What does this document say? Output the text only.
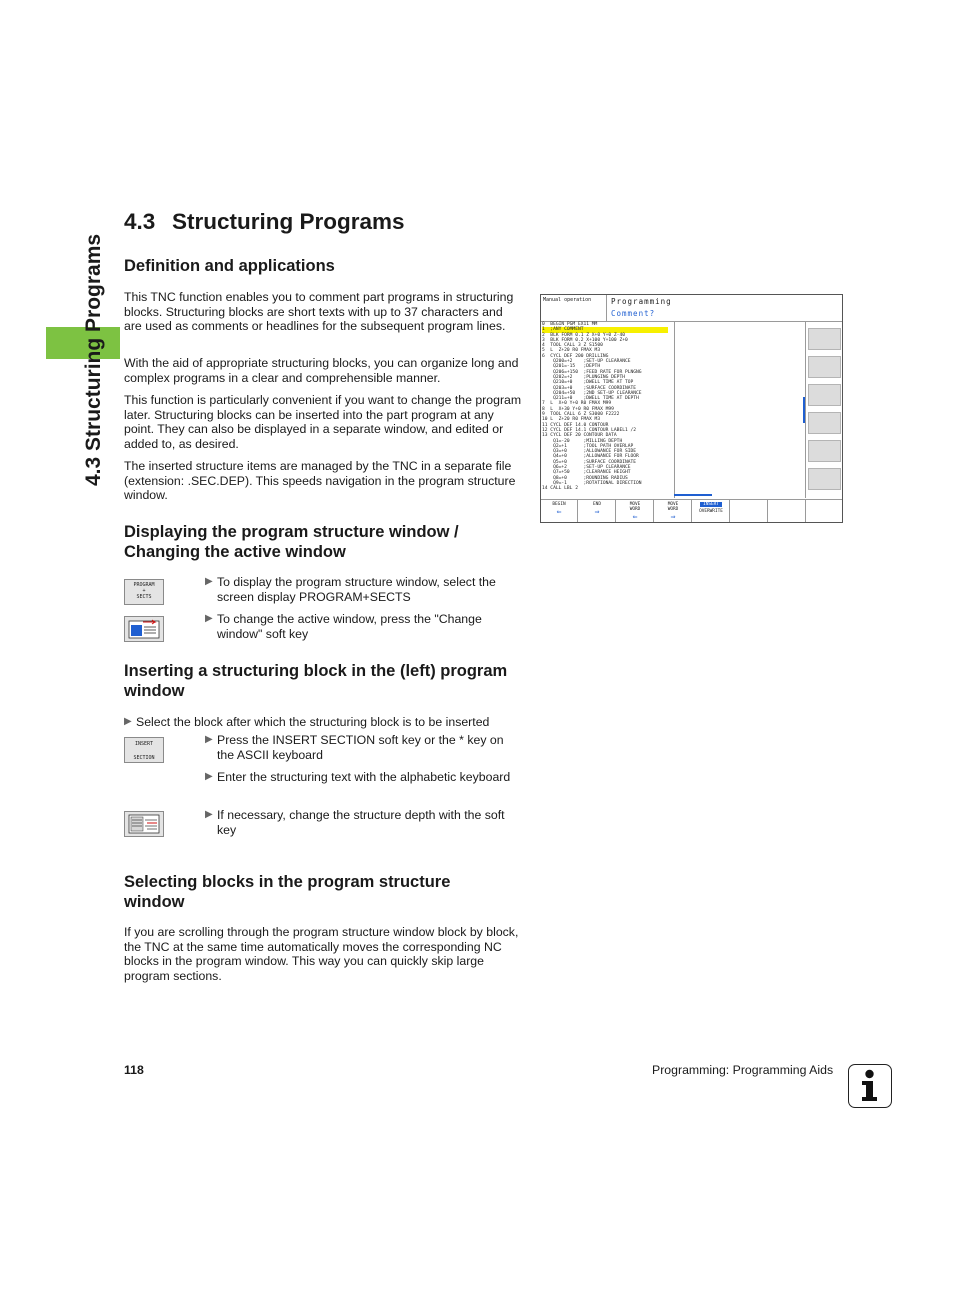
4.3 Structuring Programs
4.3 Structuring Programs
Definition and applications
This TNC function enables you to comment part programs in structuring blocks. Structuring blocks are short texts with up to 37 characters and are used as comments or headlines for the subsequent program lines.
With the aid of appropriate structuring blocks, you can organize long and complex programs in a clear and comprehensible manner.
This function is particularly convenient if you want to change the program later. Structuring blocks can be inserted into the part program at any point. They can also be displayed in a separate window, and edited or added to, as desired.
The inserted structure items are managed by the TNC in a separate file (extension: .SEC.DEP). This speeds navigation in the program structure window.
Manual operation	Programming
Comment?
0  BEGIN PGM EX11 MM
1  ;ANY COMMENT
2  BLK FORM 0.1 Z X+0 Y+0 Z-40
3  BLK FORM 0.2 X+100 Y+100 Z+0
4  TOOL CALL 3 Z S1500
5  L  Z+20 R0 FMAX M3
6  CYCL DEF 200 DRILLING
Q200=+2    ;SET-UP CLEARANCE
Q201=-15   ;DEPTH
Q206=+150  ;FEED RATE FOR PLNGNG
Q202=+2    ;PLUNGING DEPTH
Q210=+0    ;DWELL TIME AT TOP
Q203=+0    ;SURFACE COORDINATE
Q204=+50   ;2ND SET-UP CLEARANCE
Q211=+0    ;DWELL TIME AT DEPTH
7  L  X+0 Y+0 R0 FMAX M99
8  L  X+30 Y+0 R0 FMAX M99
9  TOOL CALL 6 Z S3000 F2222
10 L  Z+20 R0 FMAX M3
11 CYCL DEF 14.0 CONTOUR
12 CYCL DEF 14.1 CONTOUR LABEL1 /2
13 CYCL DEF 20 CONTOUR DATA
Q1=-20     ;MILLING DEPTH
Q2=+1      ;TOOL PATH OVERLAP
Q3=+0      ;ALLOWANCE FOR SIDE
Q4=+0      ;ALLOWANCE FOR FLOOR
Q5=+0      ;SURFACE COORDINATE
Q6=+2      ;SET-UP CLEARANCE
Q7=+50     ;CLEARANCE HEIGHT
Q8=+0      ;ROUNDING RADIUS
Q9=-1      ;ROTATIONAL DIRECTION
14 CALL LBL 2
BEGIN
⇐
END
⇒
MOVE
WORD
⇐
MOVE
WORD
⇒
INSERT
OVERWRITE
Displaying the program structure window /
Changing the active window
PROGRAM
+
SECTS
▶ To display the program structure window, select the screen display PROGRAM+SECTS
▶ To change the active window, press the "Change window" soft key
Inserting a structuring block in the (left) program
window
▶ Select the block after which the structuring block is to be inserted
INSERT
SECTION
▶ Press the INSERT SECTION soft key or the * key on the ASCII keyboard
▶ Enter the structuring text with the alphabetic keyboard
▶ If necessary, change the structure depth with the soft key
Selecting blocks in the program structure
window
If you are scrolling through the program structure window block by block, the TNC at the same time automatically moves the corresponding NC blocks in the program window. This way you can quickly skip large program sections.
118	Programming: Programming Aids
